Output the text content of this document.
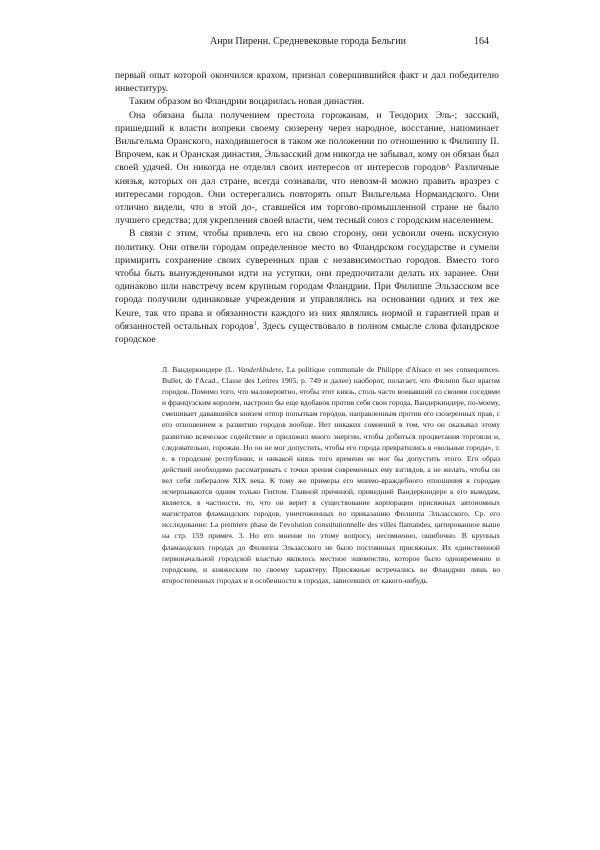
Анри Пиренн. Средневековые города Бельгии	164

первый опыт которой окончился крахом, признал совершившийся факт и дал победителю инвеституру.

Таким образом во Фландрии воцарилась новая династия.

Она обязана была получением престола горожанам, и Теодорих Эль-; засский, пришедший к власти вопреки своему сюзерену через народное, восстание, напоминает Вильгельма Оранского, находившегося в таком же положении по отношению к Филиппу II. Впрочем, как и Оранская династия, Эльзасский дом никогда не забывал, кому он обязан был своей удачей. Он никогда не отделял своих интересов от интересов городов^ Различные князья, которых он дал стране, всегда сознавали, что невозм-й можно править вразрез с интересами городов. Они остерегались повторять опыт Вильгельма Нормандского. Они отлично видели, что в этой до-, ставшейся им торгово-промышленной стране не было лучшего средства; для укрепления своей власти, чем тесный союз с городским населением.

В связи с этим, чтобы привлечь его на свою сторону, они усвоили очень искусную политику. Они отвели городам определенное место во Фландрском государстве и сумели примирить сохранение своих суверенных прав с независимостью городов. Вместо того чтобы быть вынужденными идти на уступки, они предпочитали делать их заранее. Они одинаково шли навстречу всем крупным городам Фландрии. При Филиппе Эльзасском все города получили одинаковые учреждения и управлялись на основании одних и тех же Keure, так что права и обязанности каждого из них являлись нормой и гарантией прав и обязанностей остальных городов$^1$. Здесь существовало в полном смысле слова фландрское городское

Л. Вандеркиндере (L. Vanderklndere, La politique communale de Philippe d'Alsace et ses consequences. Bullet, de I'Acad., Classe des Lettres 1905, p. 749 и далее) наоборот, полагает, что Филипп был врагом городов. Помимо того, что маловероятно, чтобы этот князь, столь часто воевавший со своими соседями и французским королем, настроил бы еще вдобавок против себя свои города, Вандеркиндере, по-моему, смешивает дававшийся князем отпор попыткам городов, направленным против его сюзеренных прав, с его отношением к развитию городов вообще. Нет никаких сомнений в том, что он оказывал этому развитию всяческое содействие и приложил много энергии, чтобы добиться процветания торговли и, следовательно, горожан. Но он не мог допустить, чтобы его города превратились в «вольные города», т. е. в городские республики, и никакой князь того времени не мог бы допустить этого. Его образ действий необходимо рассматривать с точки зрения современных ему взглядов, а не желать, чтобы он вел себя либералом XIX века. К тому же примеры его мнимо-враждебного отношения к городам исчерпываются одним только Гентом. Главной причиной, приведшей Вандеркиндере к его выводам, является, в частности, то, что он верит в существование корпорации присяжных автономных магистратов фламандских городов, уничтоженных по приказанию Филиппа Эльзасского. Ср. его исследование: La premiere phase de I'evolution constitutionnelle des villes flamandes, цитированное выше на стр. 159 примеч. 3. Но его мнение по этому вопросу, несомненно, ошибочно. В крупных фламандских городах до Филиппа Эльзасского не было постоянных присяжных. Их единственной первоначальной городской властью являлось местное эшевенство, которое было одновременно и городским, и княжеским по своему характеру. Присяжные встречались во Фландрии лишь во второстепенных городах и в особенности в городах, зависевших от какого-нибудь
